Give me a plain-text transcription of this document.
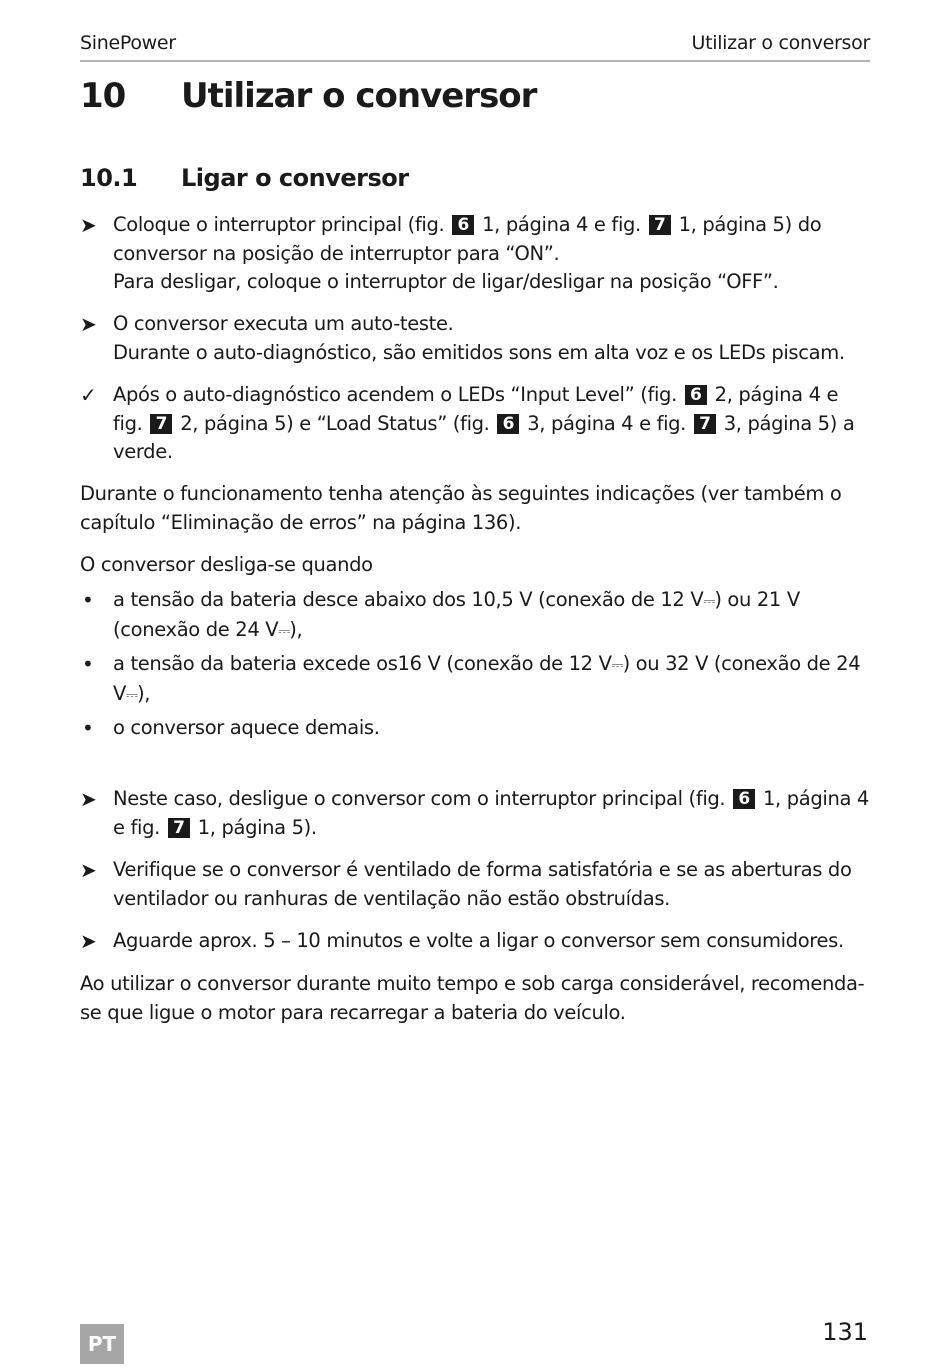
SinePower	Utilizar o conversor
10 Utilizar o conversor
10.1 Ligar o conversor
➤ Coloque o interruptor principal (fig. 6 1, página 4 e fig. 7 1, página 5) do
conversor na posição de interruptor para “ON”.
Para desligar, coloque o interruptor de ligar/desligar na posição “OFF”.
➤ O conversor executa um auto-teste.
Durante o auto-diagnóstico, são emitidos sons em alta voz e os LEDs piscam.
✓ Após o auto-diagnóstico acendem o LEDs “Input Level” (fig. 6 2, página 4 e fig. 7 2, página 5) e “Load Status” (fig. 6 3, página 4 e fig. 7 3, página 5) a verde.
Durante o funcionamento tenha atenção às seguintes indicações (ver também o capítulo “Eliminação de erros” na página 136).
O conversor desliga-se quando
• a tensão da bateria desce abaixo dos 10,5 V (conexão de 12 V⎓) ou 21 V (conexão de 24 V⎓),
• a tensão da bateria excede os16 V (conexão de 12 V⎓) ou 32 V (conexão de 24 V⎓),
• o conversor aquece demais.
➤ Neste caso, desligue o conversor com o interruptor principal (fig. 6 1, página 4 e fig. 7 1, página 5).
➤ Verifique se o conversor é ventilado de forma satisfatória e se as aberturas do ventilador ou ranhuras de ventilação não estão obstruídas.
➤ Aguarde aprox. 5 – 10 minutos e volte a ligar o conversor sem consumidores.
Ao utilizar o conversor durante muito tempo e sob carga considerável, recomenda-se que ligue o motor para recarregar a bateria do veículo.
PT	131
